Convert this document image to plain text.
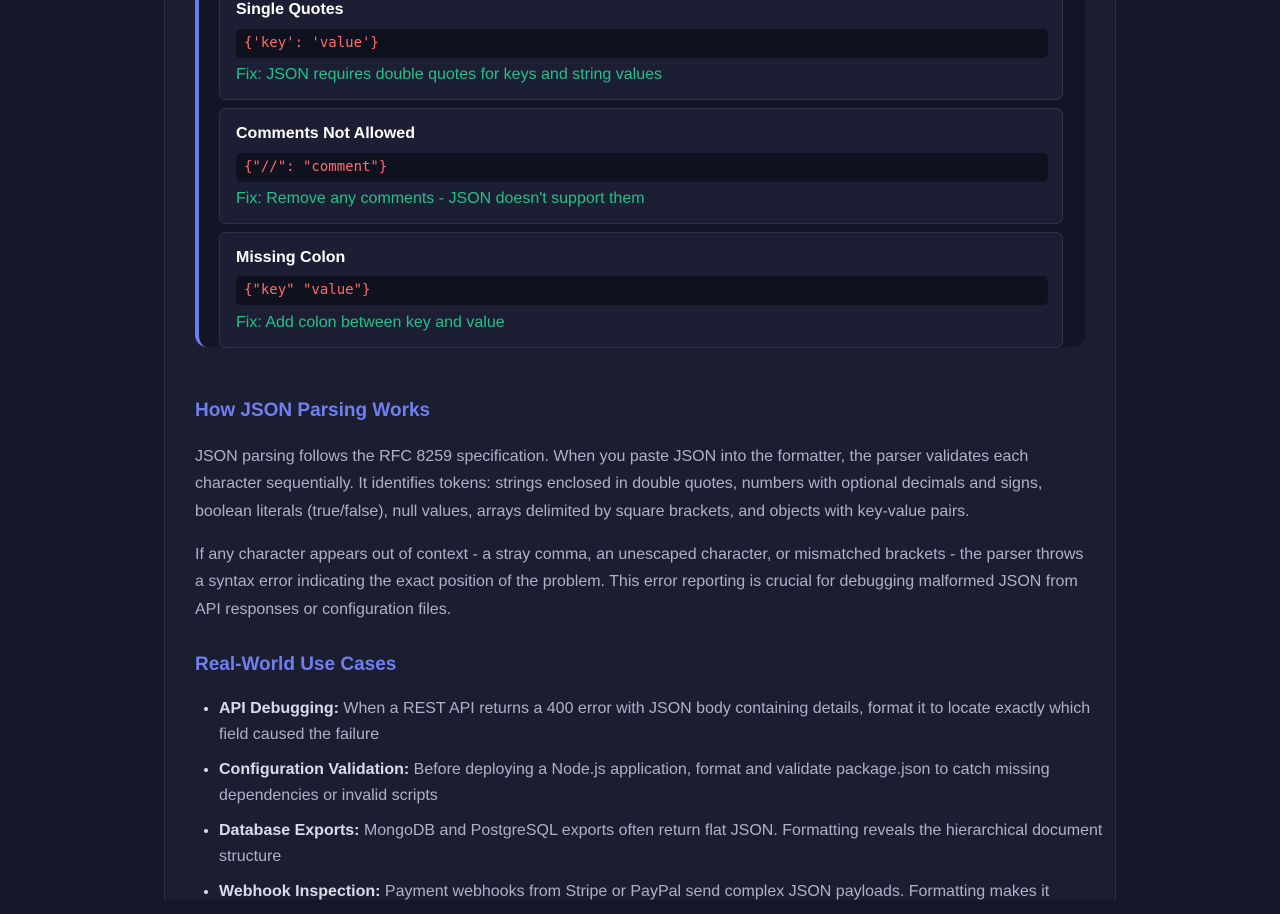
Single Quotes
{'key': 'value'}
Fix: JSON requires double quotes for keys and string values
Comments Not Allowed
{"//": "comment"}
Fix: Remove any comments - JSON doesn't support them
Missing Colon
{"key" "value"}
Fix: Add colon between key and value
How JSON Parsing Works

JSON parsing follows the RFC 8259 specification. When you paste JSON into the formatter, the parser validates each character sequentially. It identifies tokens: strings enclosed in double quotes, numbers with optional decimals and signs, boolean literals (true/false), null values, arrays delimited by square brackets, and objects with key-value pairs.

If any character appears out of context - a stray comma, an unescaped character, or mismatched brackets - the parser throws a syntax error indicating the exact position of the problem. This error reporting is crucial for debugging malformed JSON from API responses or configuration files.

Real-World Use Cases
• API Debugging: When a REST API returns a 400 error with JSON body containing details, format it to locate exactly which field caused the failure
• Configuration Validation: Before deploying a Node.js application, format and validate package.json to catch missing dependencies or invalid scripts
• Database Exports: MongoDB and PostgreSQL exports often return flat JSON. Formatting reveals the hierarchical document structure
• Webhook Inspection: Payment webhooks from Stripe or PayPal send complex JSON payloads. Formatting makes it
